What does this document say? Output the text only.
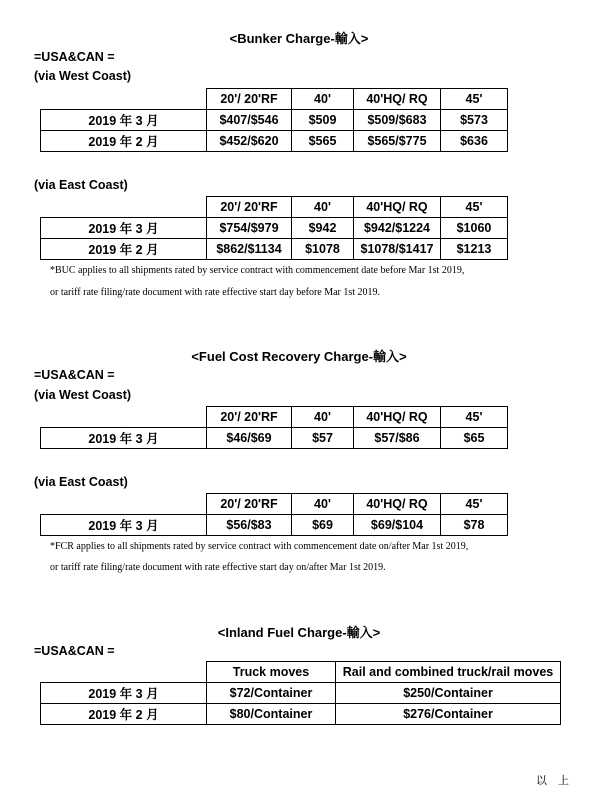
<Bunker Charge-輸入>
=USA&CAN =
(via West Coast)
	20'/ 20'RF	40'	40'HQ/ RQ	45'
2019 年 3 月	$407/$546	$509	$509/$683	$573
2019 年 2 月	$452/$620	$565	$565/$775	$636
(via East Coast)
	20'/ 20'RF	40'	40'HQ/ RQ	45'
2019 年 3 月	$754/$979	$942	$942/$1224	$1060
2019 年 2 月	$862/$1134	$1078	$1078/$1417	$1213
*BUC applies to all shipments rated by service contract with commencement date before Mar 1st 2019,
or tariff rate filing/rate document with rate effective start day before Mar 1st 2019.
<Fuel Cost Recovery Charge-輸入>
=USA&CAN =
(via West Coast)
	20'/ 20'RF	40'	40'HQ/ RQ	45'
2019 年 3 月	$46/$69	$57	$57/$86	$65
(via East Coast)
	20'/ 20'RF	40'	40'HQ/ RQ	45'
2019 年 3 月	$56/$83	$69	$69/$104	$78
*FCR applies to all shipments rated by service contract with commencement date on/after Mar 1st 2019,
or tariff rate filing/rate document with rate effective start day on/after Mar 1st 2019.
<Inland Fuel Charge-輸入>
=USA&CAN =
	Truck moves	Rail and combined truck/rail moves
2019 年 3 月	$72/Container	$250/Container
2019 年 2 月	$80/Container	$276/Container
以 上
